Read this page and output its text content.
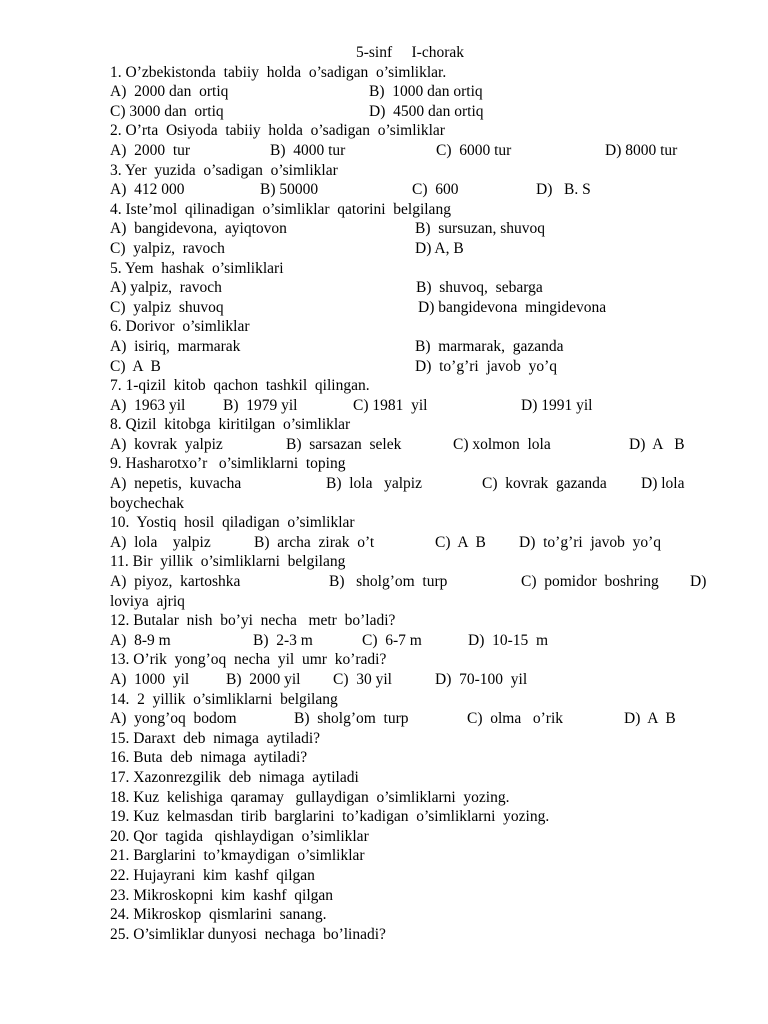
5-sinf     I-chorak
1. O’zbekistonda  tabiiy  holda  o’sadigan  o’simliklar.

A)  2000 dan  ortiq

	B)  1000 dan ortiq

C) 3000 dan  ortiq

	D)  4500 dan ortiq

2. O’rta  Osiyoda  tabiiy  holda  o’sadigan  o’simliklar

A)  2000  tur

	B)  4000 tur

	C)  6000 tur

	D) 8000 tur

3. Yer  yuzida  o’sadigan  o’simliklar

A)  412 000

	B) 50000

	C)  600

	D)   B. S

4. Iste’mol  qilinadigan  o’simliklar  qatorini  belgilang

A)  bangidevona,  ayiqtovon

	B)  sursuzan, shuvoq

C)  yalpiz,  ravoch

	D) A, B

5. Yem  hashak  o’simliklari

A) yalpiz,  ravoch

	B)  shuvoq,  sebarga

C)  yalpiz  shuvoq

	D) bangidevona  mingidevona

6. Dorivor  o’simliklar

A)  isiriq,  marmarak

	B)  marmarak,  gazanda

C)  A  B

	D)  to’g’ri  javob  yo’q

7. 1-qizil  kitob  qachon  tashkil  qilingan.

A)  1963 yil

B)  1979 yil

	C) 1981  yil

	D) 1991 yil

8. Qizil  kitobga  kiritilgan  o’simliklar

A)  kovrak  yalpiz

	B)  sarsazan  selek

	C) xolmon  lola

	D)  A   B

9. Hasharotxo’r   o’simliklarni  toping

A)  nepetis,  kuvacha

	B)  lola   yalpiz

	C)  kovrak  gazanda

D) lola

boychechak
10.  Yostiq  hosil  qiladigan  o’simliklar

A)  lola    yalpiz

	B)  archa  zirak  o’t

	C)  A  B

D)  to’g’ri  javob  yo’q

11. Bir  yillik  o’simliklarni  belgilang

A)  piyoz,  kartoshka

	B)   sholg’om  turp

	C)  pomidor  boshring

D)

loviya  ajriq
12. Butalar  nish  bo’yi  necha   metr  bo’ladi?

A)  8-9 m

	B)  2-3 m

	C)  6-7 m

	D)  10-15  m

13. O’rik  yong’oq  necha  yil  umr  ko’radi?

A)  1000  yil

B)  2000 yil

C)  30 yil

	D)  70-100  yil

14.  2  yillik  o’simliklarni  belgilang

A)  yong’oq  bodom

	B)  sholg’om  turp

	C)  olma   o’rik

	D)  A  B

15. Daraxt  deb  nimaga  aytiladi?
16. Buta  deb  nimaga  aytiladi?
17. Xazonrezgilik  deb  nimaga  aytiladi
18. Kuz  kelishiga  qaramay   gullaydigan  o’simliklarni  yozing.
19. Kuz  kelmasdan  tirib  barglarini  to’kadigan  o’simliklarni  yozing.
20. Qor  tagida   qishlaydigan  o’simliklar
21. Barglarini  to’kmaydigan  o’simliklar
22. Hujayrani  kim  kashf  qilgan
23. Mikroskopni  kim  kashf  qilgan
24. Mikroskop  qismlarini  sanang.
25. O’simliklar dunyosi  nechaga  bo’linadi?
